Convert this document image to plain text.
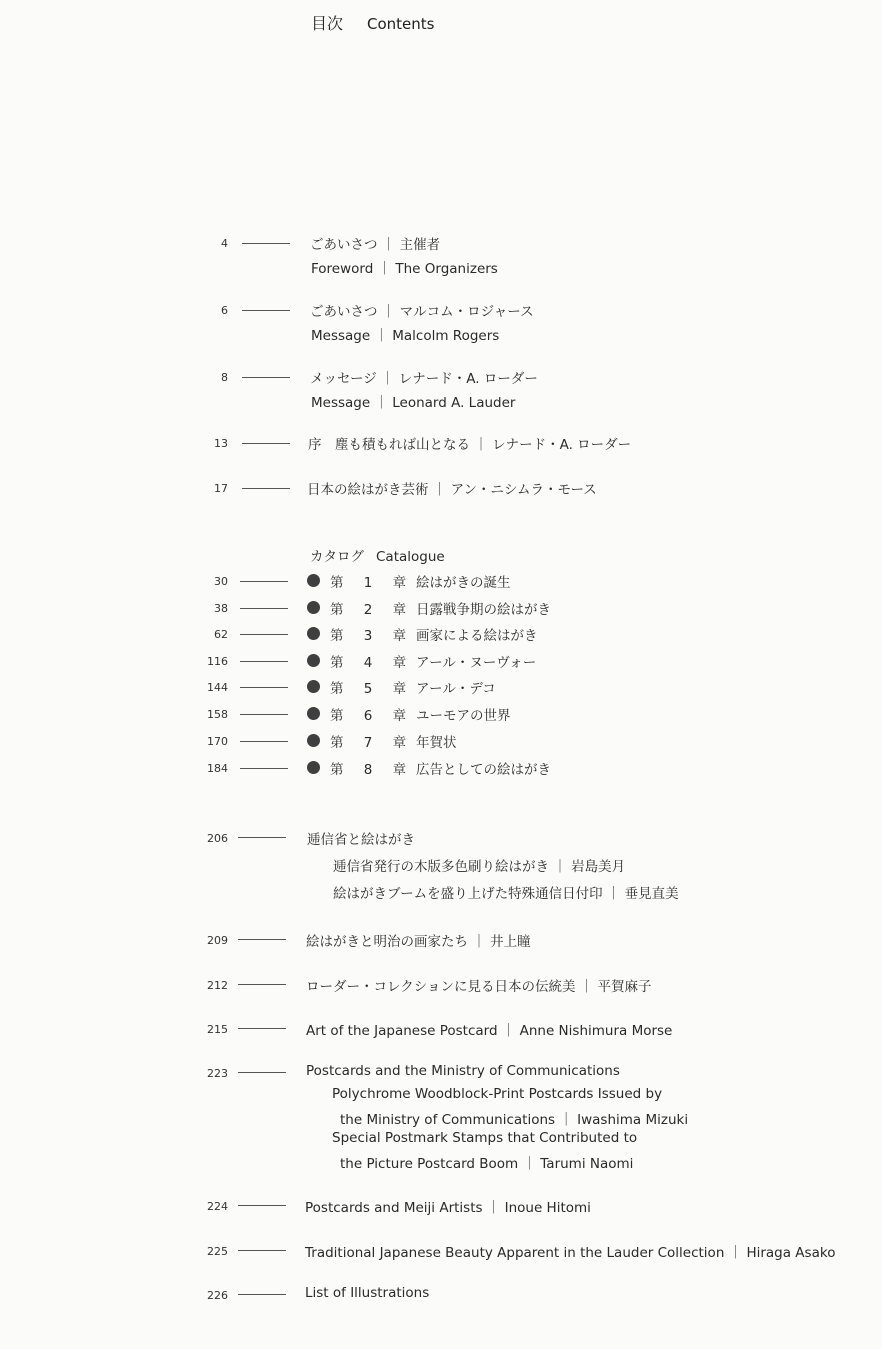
目次 Contents
4	ごあいさつ ｜ 主催者
Foreword ｜ The Organizers
6	ごあいさつ ｜ マルコム・ロジャース
Message ｜ Malcolm Rogers
8	メッセージ ｜ レナード・A. ローダー
Message ｜ Leonard A. Lauder
13	序　塵も積もれば山となる ｜ レナード・A. ローダー
17	日本の絵はがき芸術 ｜ アン・ニシムラ・モース
カタログ Catalogue
30	第 1 章 絵はがきの誕生
38	第 2 章 日露戦争期の絵はがき
62	第 3 章 画家による絵はがき
116	第 4 章 アール・ヌーヴォー
144	第 5 章 アール・デコ
158	第 6 章 ユーモアの世界
170	第 7 章 年賀状
184	第 8 章 広告としての絵はがき
206	逓信省と絵はがき
逓信省発行の木版多色刷り絵はがき ｜ 岩島美月
絵はがきブームを盛り上げた特殊通信日付印 ｜ 垂見直美
209	絵はがきと明治の画家たち ｜ 井上瞳
212	ローダー・コレクションに見る日本の伝統美 ｜ 平賀麻子
215	Art of the Japanese Postcard ｜ Anne Nishimura Morse
223	Postcards and the Ministry of Communications
Polychrome Woodblock-Print Postcards Issued by
the Ministry of Communications ｜ Iwashima Mizuki
Special Postmark Stamps that Contributed to
the Picture Postcard Boom ｜ Tarumi Naomi
224	Postcards and Meiji Artists ｜ Inoue Hitomi
225	Traditional Japanese Beauty Apparent in the Lauder Collection ｜ Hiraga Asako
226	List of Illustrations
